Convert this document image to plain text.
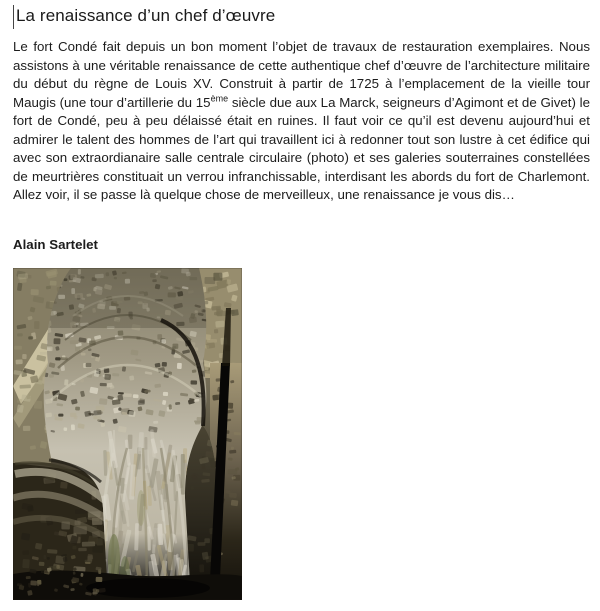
La renaissance d’un chef d’œuvre

Le fort Condé fait depuis un bon moment l’objet de travaux de restauration exemplaires. Nous assistons à une véritable renaissance de cette authentique chef d’œuvre de l’architecture militaire du début du règne de Louis XV. Construit à partir de 1725 à l’emplacement de la vieille tour Maugis (une tour d’artillerie du 15ème siècle due aux La Marck, seigneurs d’Agimont et de Givet) le fort de Condé, peu à peu délaissé était en ruines. Il faut voir ce qu’il est devenu aujourd’hui et admirer le talent des hommes de l’art qui travaillent ici à redonner tout son lustre à cet édifice qui avec son extraordianaire salle centrale circulaire (photo) et ses galeries souterraines constellées de meurtrières constituait un verrou infranchissable, interdisant les abords du fort de Charlemont. Allez voir, il se passe là quelque chose de merveilleux, une renaissance je vous dis…

Alain Sartelet
